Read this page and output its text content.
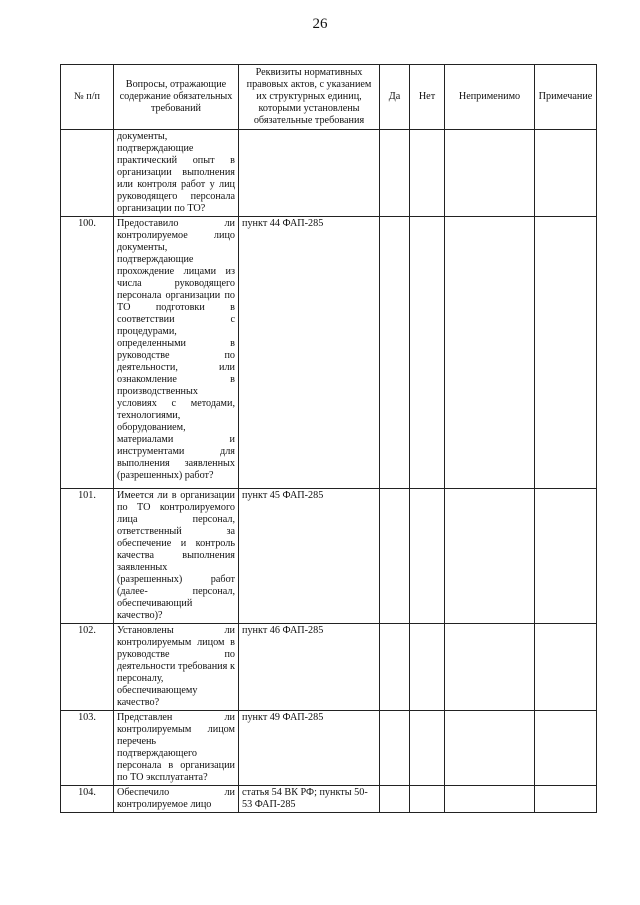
26
№ п/п	Вопросы, отражающие содержание обязательных требований	Реквизиты нормативных правовых актов, с указанием их структурных единиц, которыми установлены обязательные требования	Да	Нет	Неприменимо	Примечание
	документы, подтверждающие практический опыт в организации выполнения или контроля работ у лиц руководящего персонала организации по ТО?					
100.	Предоставило ли контролируемое лицо документы, подтверждающие прохождение лицами из числа руководящего персонала организации по ТО подготовки в соответствии с процедурами, определенными в руководстве по деятельности, или ознакомление в производственных условиях с методами, технологиями, оборудованием, материалами и инструментами для выполнения заявленных (разрешенных) работ?	пункт 44 ФАП-285				
101.	Имеется ли в организации по ТО контролируемого лица персонал, ответственный за обеспечение и контроль качества выполнения заявленных (разрешенных) работ (далее- персонал, обеспечивающий качество)?	пункт 45 ФАП-285				
102.	Установлены ли контролируемым лицом в руководстве по деятельности требования к персоналу, обеспечивающему качество?	пункт 46 ФАП-285				
103.	Представлен ли контролируемым лицом перечень подтверждающего персонала в организации по ТО эксплуатанта?	пункт 49 ФАП-285				
104.	Обеспечило ли контролируемое лицо	статья 54 ВК РФ; пункты 50-53 ФАП-285				
